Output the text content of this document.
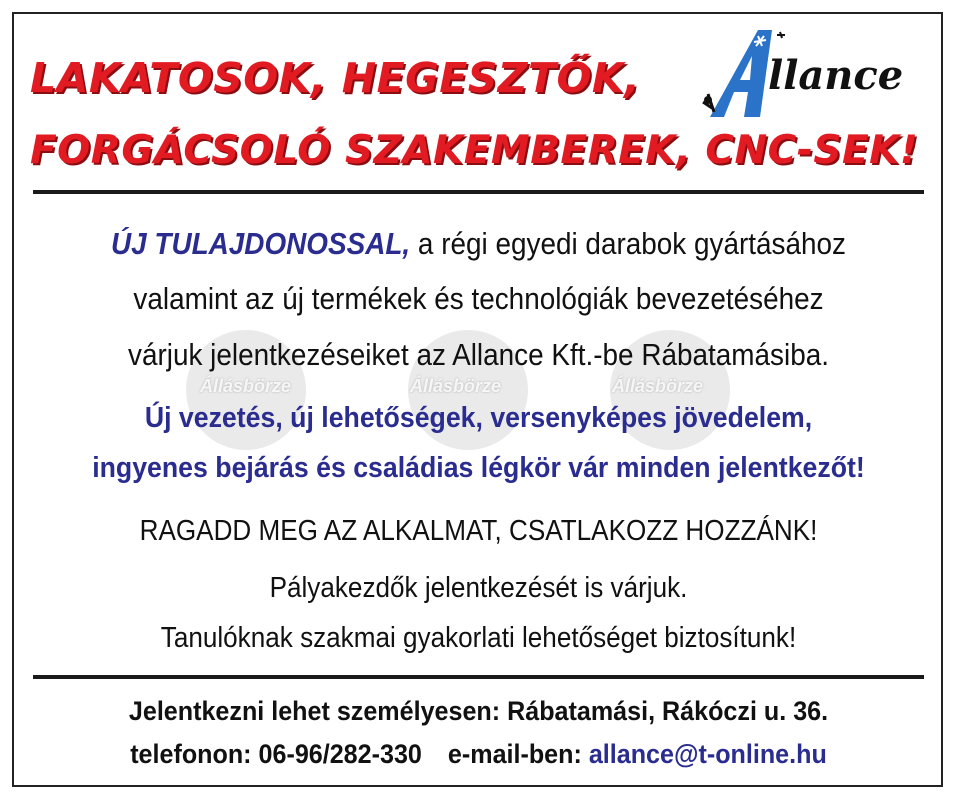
LAKATOSOK, HEGESZTŐK,
FORGÁCSOLÓ SZAKEMBEREK, CNC-SEK!
llance
Állásbörze	Állásbörze	Állásbörze
ÚJ TULAJDONOSSAL, a régi egyedi darabok gyártásához
valamint az új termékek és technológiák bevezetéséhez
várjuk jelentkezéseiket az Allance Kft.-be Rábatamásiba.
Új vezetés, új lehetőségek, versenyképes jövedelem,
ingyenes bejárás és családias légkör vár minden jelentkezőt!
RAGADD MEG AZ ALKALMAT, CSATLAKOZZ HOZZÁNK!
Pályakezdők jelentkezését is várjuk.
Tanulóknak szakmai gyakorlati lehetőséget biztosítunk!
Jelentkezni lehet személyesen: Rábatamási, Rákóczi u. 36.
telefonon: 06-96/282-330 e-mail-ben: allance@t-online.hu
